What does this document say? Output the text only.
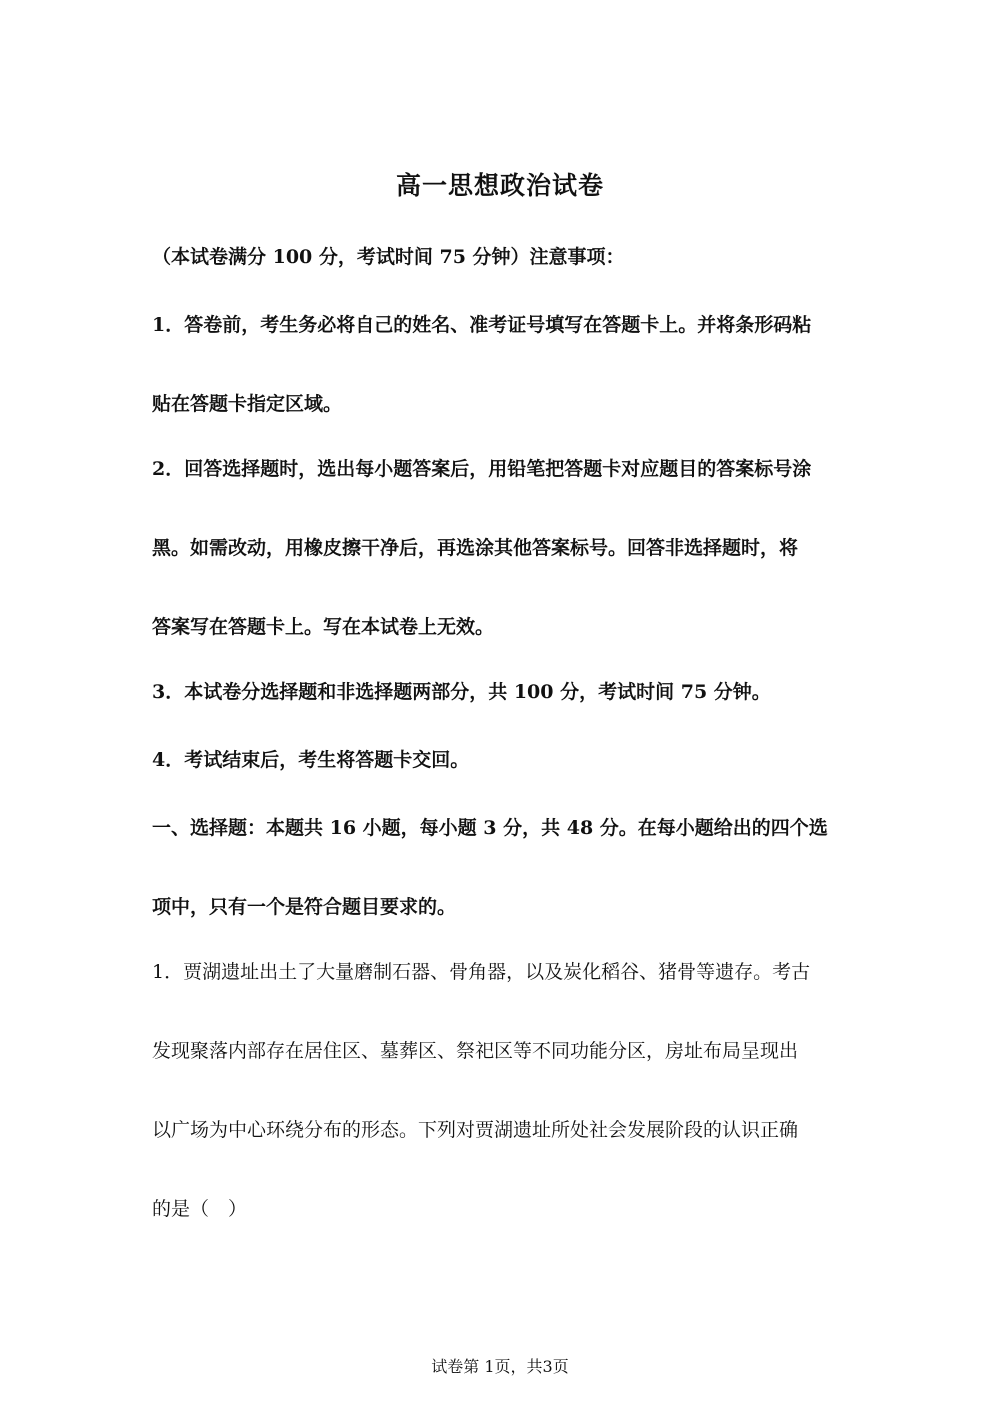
高一思想政治试卷
（本试卷满分 100 分，考试时间 75 分钟）注意事项：
1．答卷前，考生务必将自己的姓名、准考证号填写在答题卡上。并将条形码粘
贴在答题卡指定区域。
2．回答选择题时，选出每小题答案后，用铅笔把答题卡对应题目的答案标号涂
黑。如需改动，用橡皮擦干净后，再选涂其他答案标号。回答非选择题时，将
答案写在答题卡上。写在本试卷上无效。
3．本试卷分选择题和非选择题两部分，共 100 分，考试时间 75 分钟。
4．考试结束后，考生将答题卡交回。
一、选择题：本题共 16 小题，每小题 3 分，共 48 分。在每小题给出的四个选
项中，只有一个是符合题目要求的。
1．贾湖遗址出土了大量磨制石器、骨角器，以及炭化稻谷、猪骨等遗存。考古
发现聚落内部存在居住区、墓葬区、祭祀区等不同功能分区，房址布局呈现出
以广场为中心环绕分布的形态。下列对贾湖遗址所处社会发展阶段的认识正确
的是（　）
试卷第 1页，共3页
